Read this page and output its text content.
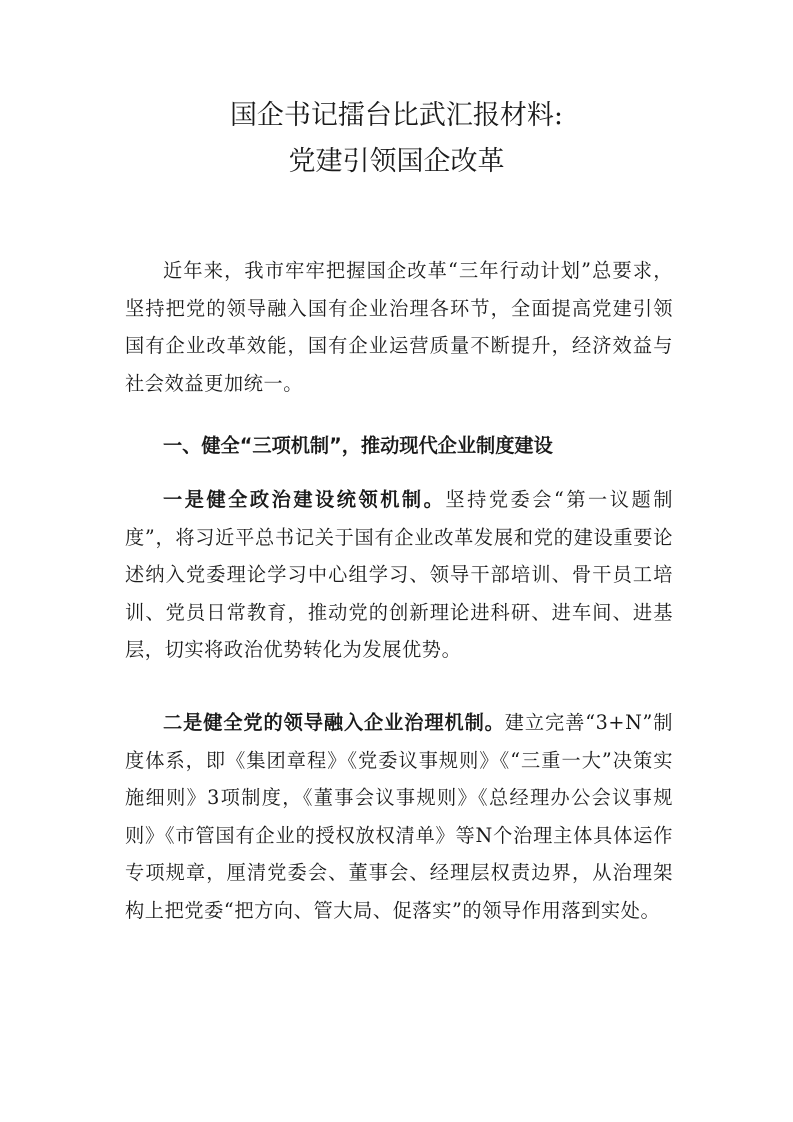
国企书记擂台比武汇报材料:
党建引领国企改革

近年来，我市牢牢把握国企改革“三年行动计划”总要求，坚持把党的领导融入国有企业治理各环节，全面提高党建引领国有企业改革效能，国有企业运营质量不断提升，经济效益与社会效益更加统一。

一、健全“三项机制”，推动现代企业制度建设

一是健全政治建设统领机制。坚持党委会“第一议题制度”，将习近平总书记关于国有企业改革发展和党的建设重要论述纳入党委理论学习中心组学习、领导干部培训、骨干员工培训、党员日常教育，推动党的创新理论进科研、进车间、进基层，切实将政治优势转化为发展优势。

二是健全党的领导融入企业治理机制。建立完善“3+N”制度体系，即《集团章程》《党委议事规则》《“三重一大”决策实施细则》3项制度，《董事会议事规则》《总经理办公会议事规则》《市管国有企业的授权放权清单》等N个治理主体具体运作专项规章，厘清党委会、董事会、经理层权责边界，从治理架构上把党委“把方向、管大局、促落实”的领导作用落到实处。
